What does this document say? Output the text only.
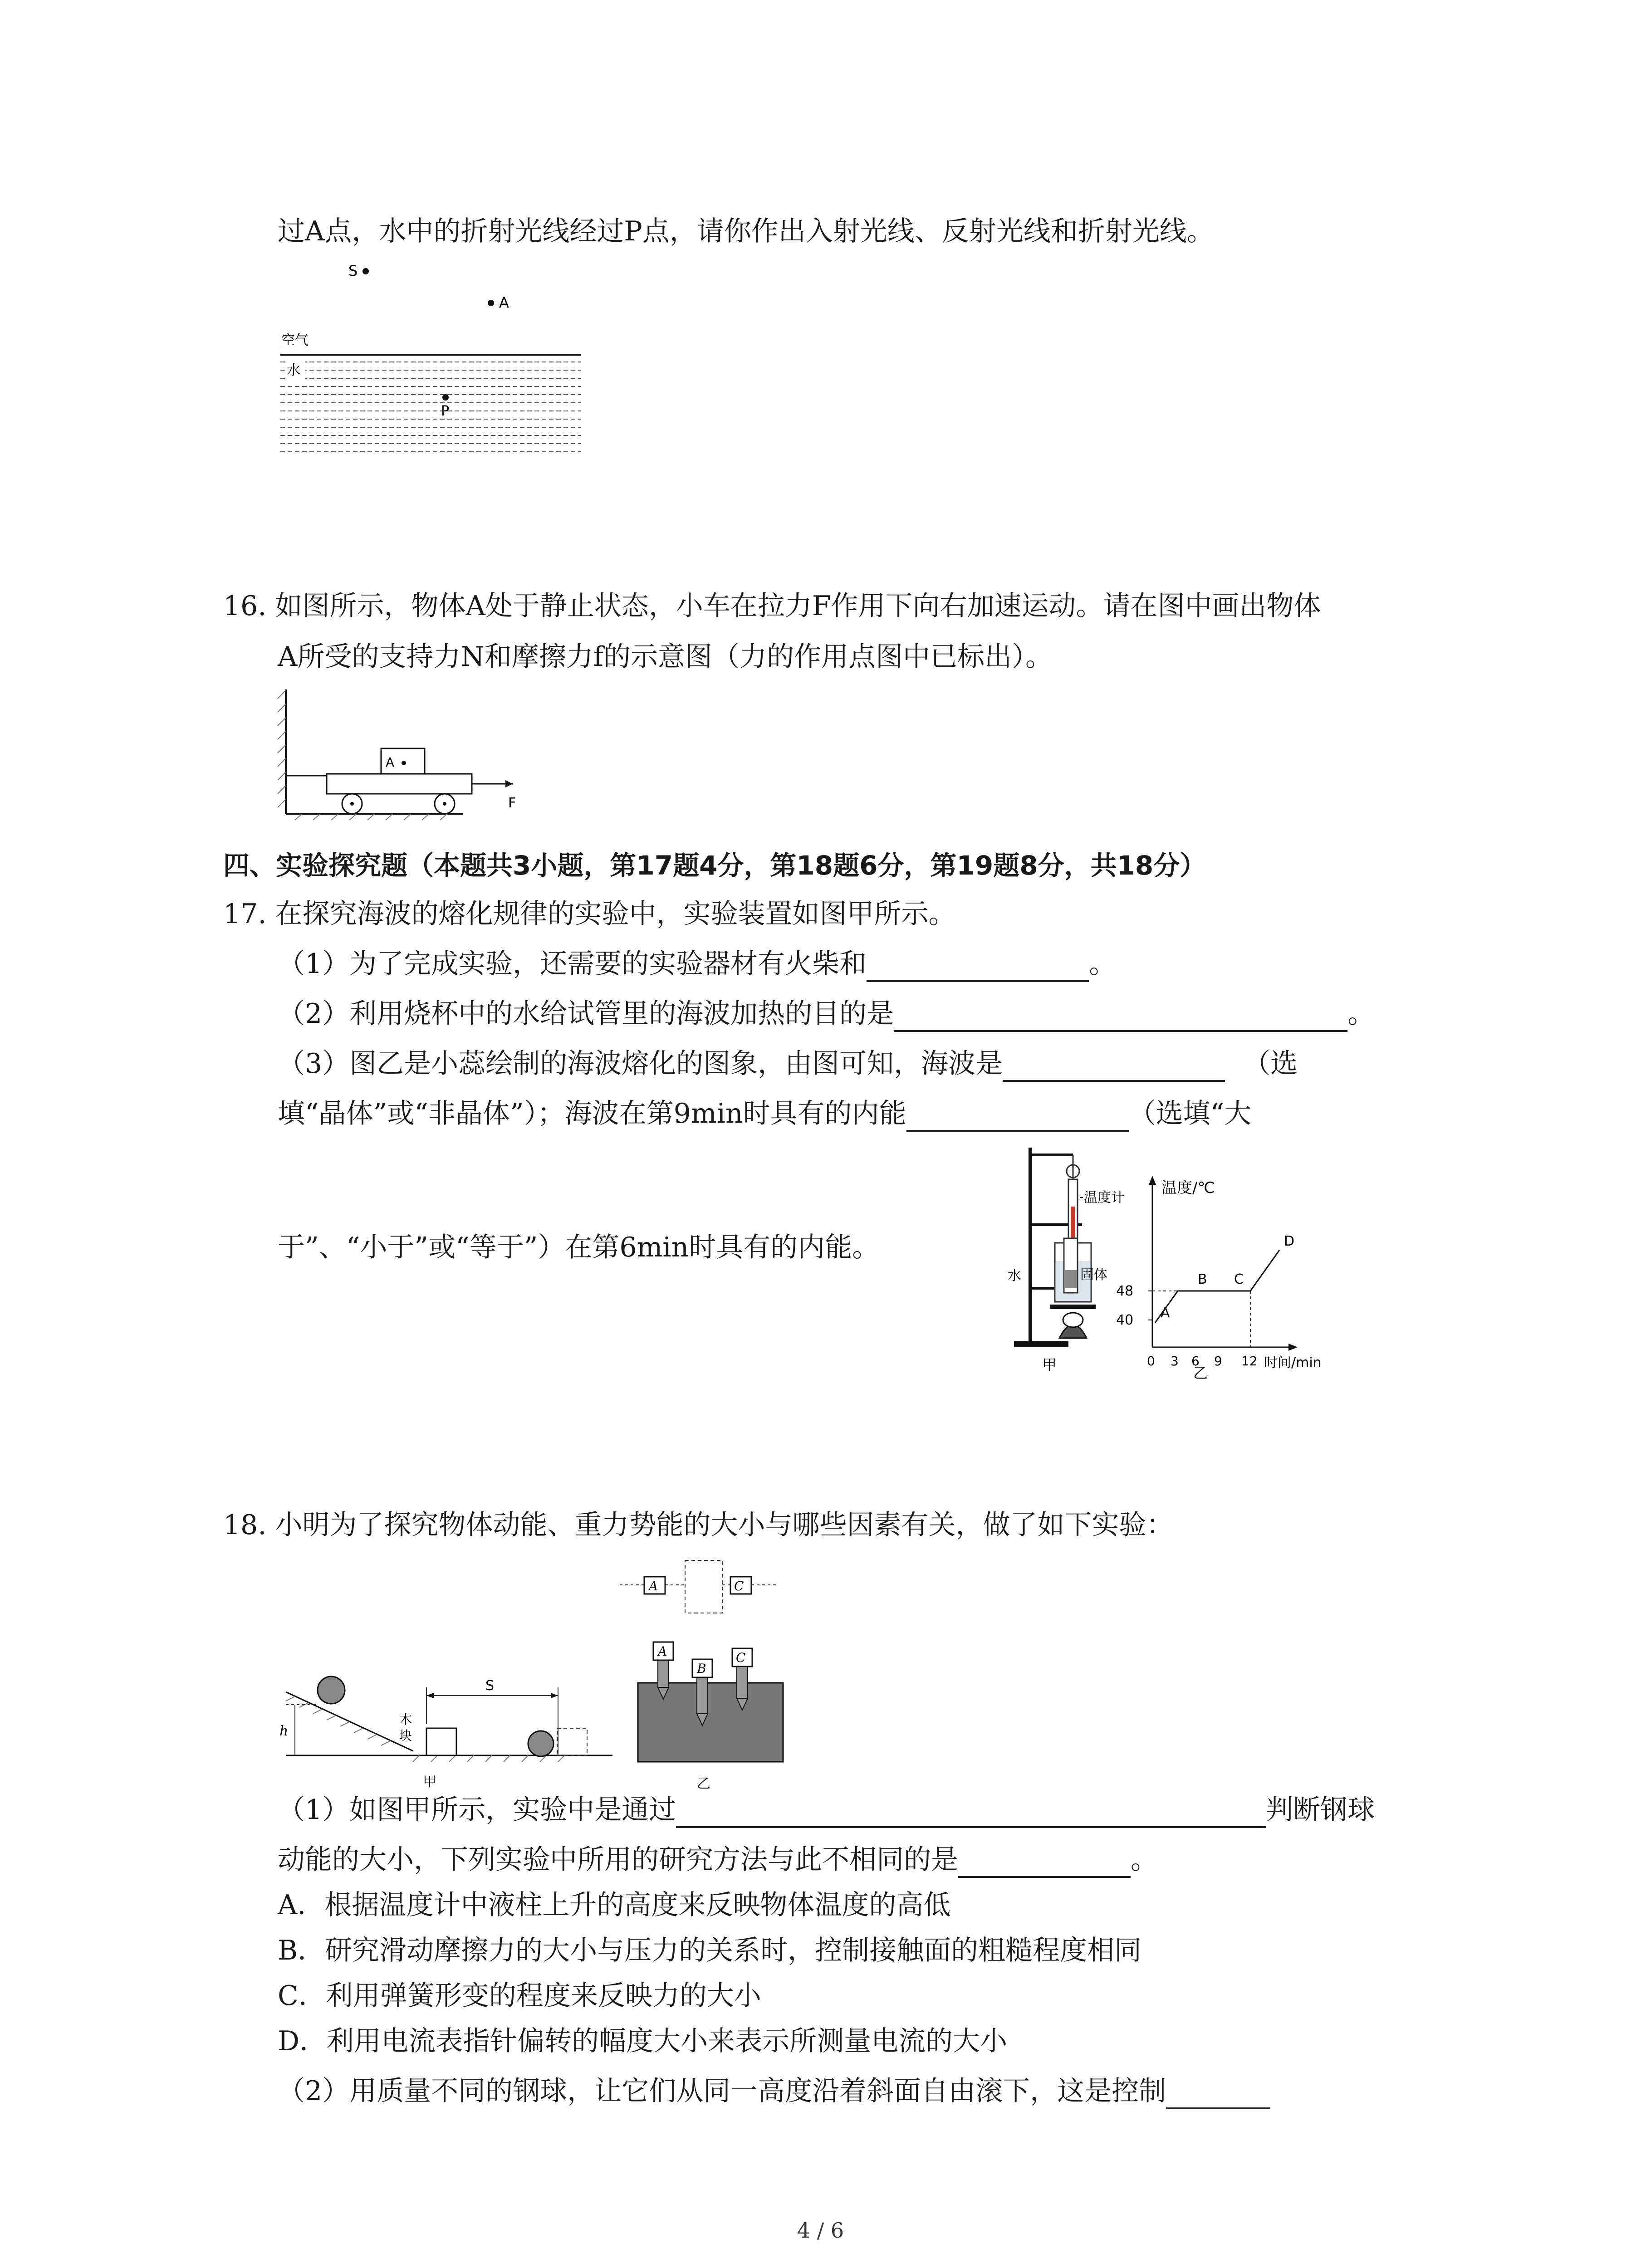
过A点，水中的折射光线经过P点，请你作出入射光线、反射光线和折射光线。
S
A
空气
水
P
16. 如图所示，物体A处于静止状态，小车在拉力F作用下向右加速运动。请在图中画出物体
A所受的支持力N和摩擦力f的示意图（力的作用点图中已标出）。
A
F
四、实验探究题（本题共3小题，第17题4分，第18题6分，第19题8分，共18分）
17. 在探究海波的熔化规律的实验中，实验装置如图甲所示。
（1）为了完成实验，还需要的实验器材有火柴和	。
（2）利用烧杯中的水给试管里的海波加热的目的是	。
（3）图乙是小蕊绘制的海波熔化的图象，由图可知，海波是	（选
填“晶体”或“非晶体”）；海波在第9min时具有的内能	（选填“大
于”、“小于”或“等于”）在第6min时具有的内能。
温度计
水	固体
甲
温度/℃
48
40 A
B C
D
0 3 6 9 12 时间/min
乙
18. 小明为了探究物体动能、重力势能的大小与哪些因素有关，做了如下实验：
h
木
块
S
甲
A	C
A
B
C
乙
（1）如图甲所示，实验中是通过	判断钢球
动能的大小，下列实验中所用的研究方法与此不相同的是	。
A．根据温度计中液柱上升的高度来反映物体温度的高低
B．研究滑动摩擦力的大小与压力的关系时，控制接触面的粗糙程度相同
C．利用弹簧形变的程度来反映力的大小
D．利用电流表指针偏转的幅度大小来表示所测量电流的大小
（2）用质量不同的钢球，让它们从同一高度沿着斜面自由滚下，这是控制
4 / 6
